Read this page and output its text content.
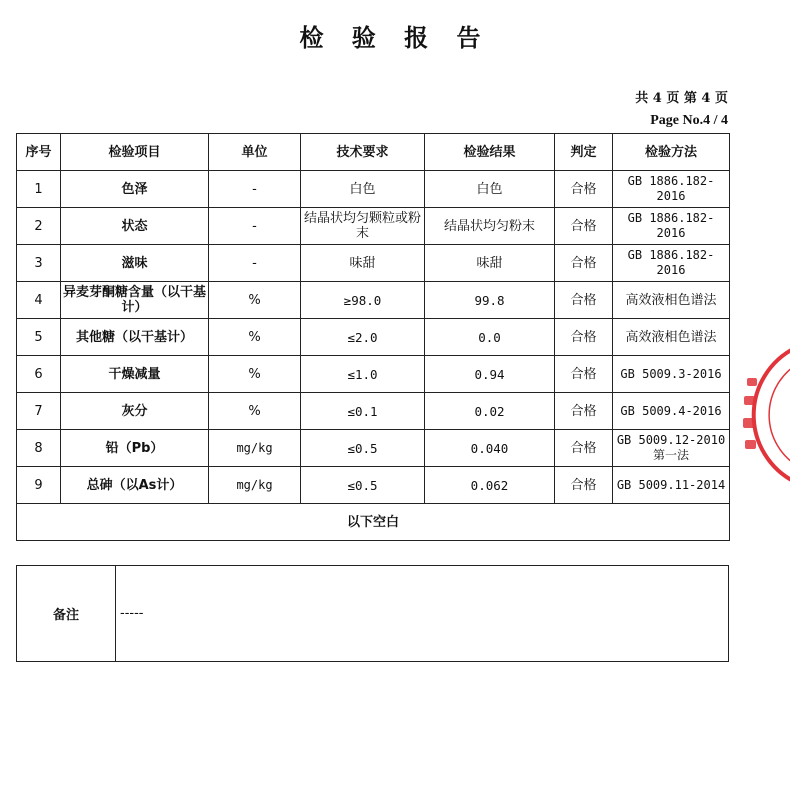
检 验 报 告
共 4 页 第 4 页
Page No.4 / 4
序号	检验项目	单位	技术要求	检验结果	判定	检验方法
1	色泽	-	白色	白色	合格	GB 1886.182-2016
2	状态	-	结晶状均匀颗粒或粉末	结晶状均匀粉末	合格	GB 1886.182-2016
3	滋味	-	味甜	味甜	合格	GB 1886.182-2016
4	异麦芽酮糖含量（以干基计）	%	≥98.0	99.8	合格	高效液相色谱法
5	其他糖（以干基计）	%	≤2.0	0.0	合格	高效液相色谱法
6	干燥减量	%	≤1.0	0.94	合格	GB 5009.3-2016
7	灰分	%	≤0.1	0.02	合格	GB 5009.4-2016
8	铅（Pb）	mg/kg	≤0.5	0.040	合格	GB 5009.12-2010 第一法
9	总砷（以As计）	mg/kg	≤0.5	0.062	合格	GB 5009.11-2014
以下空白						
备注	-----
